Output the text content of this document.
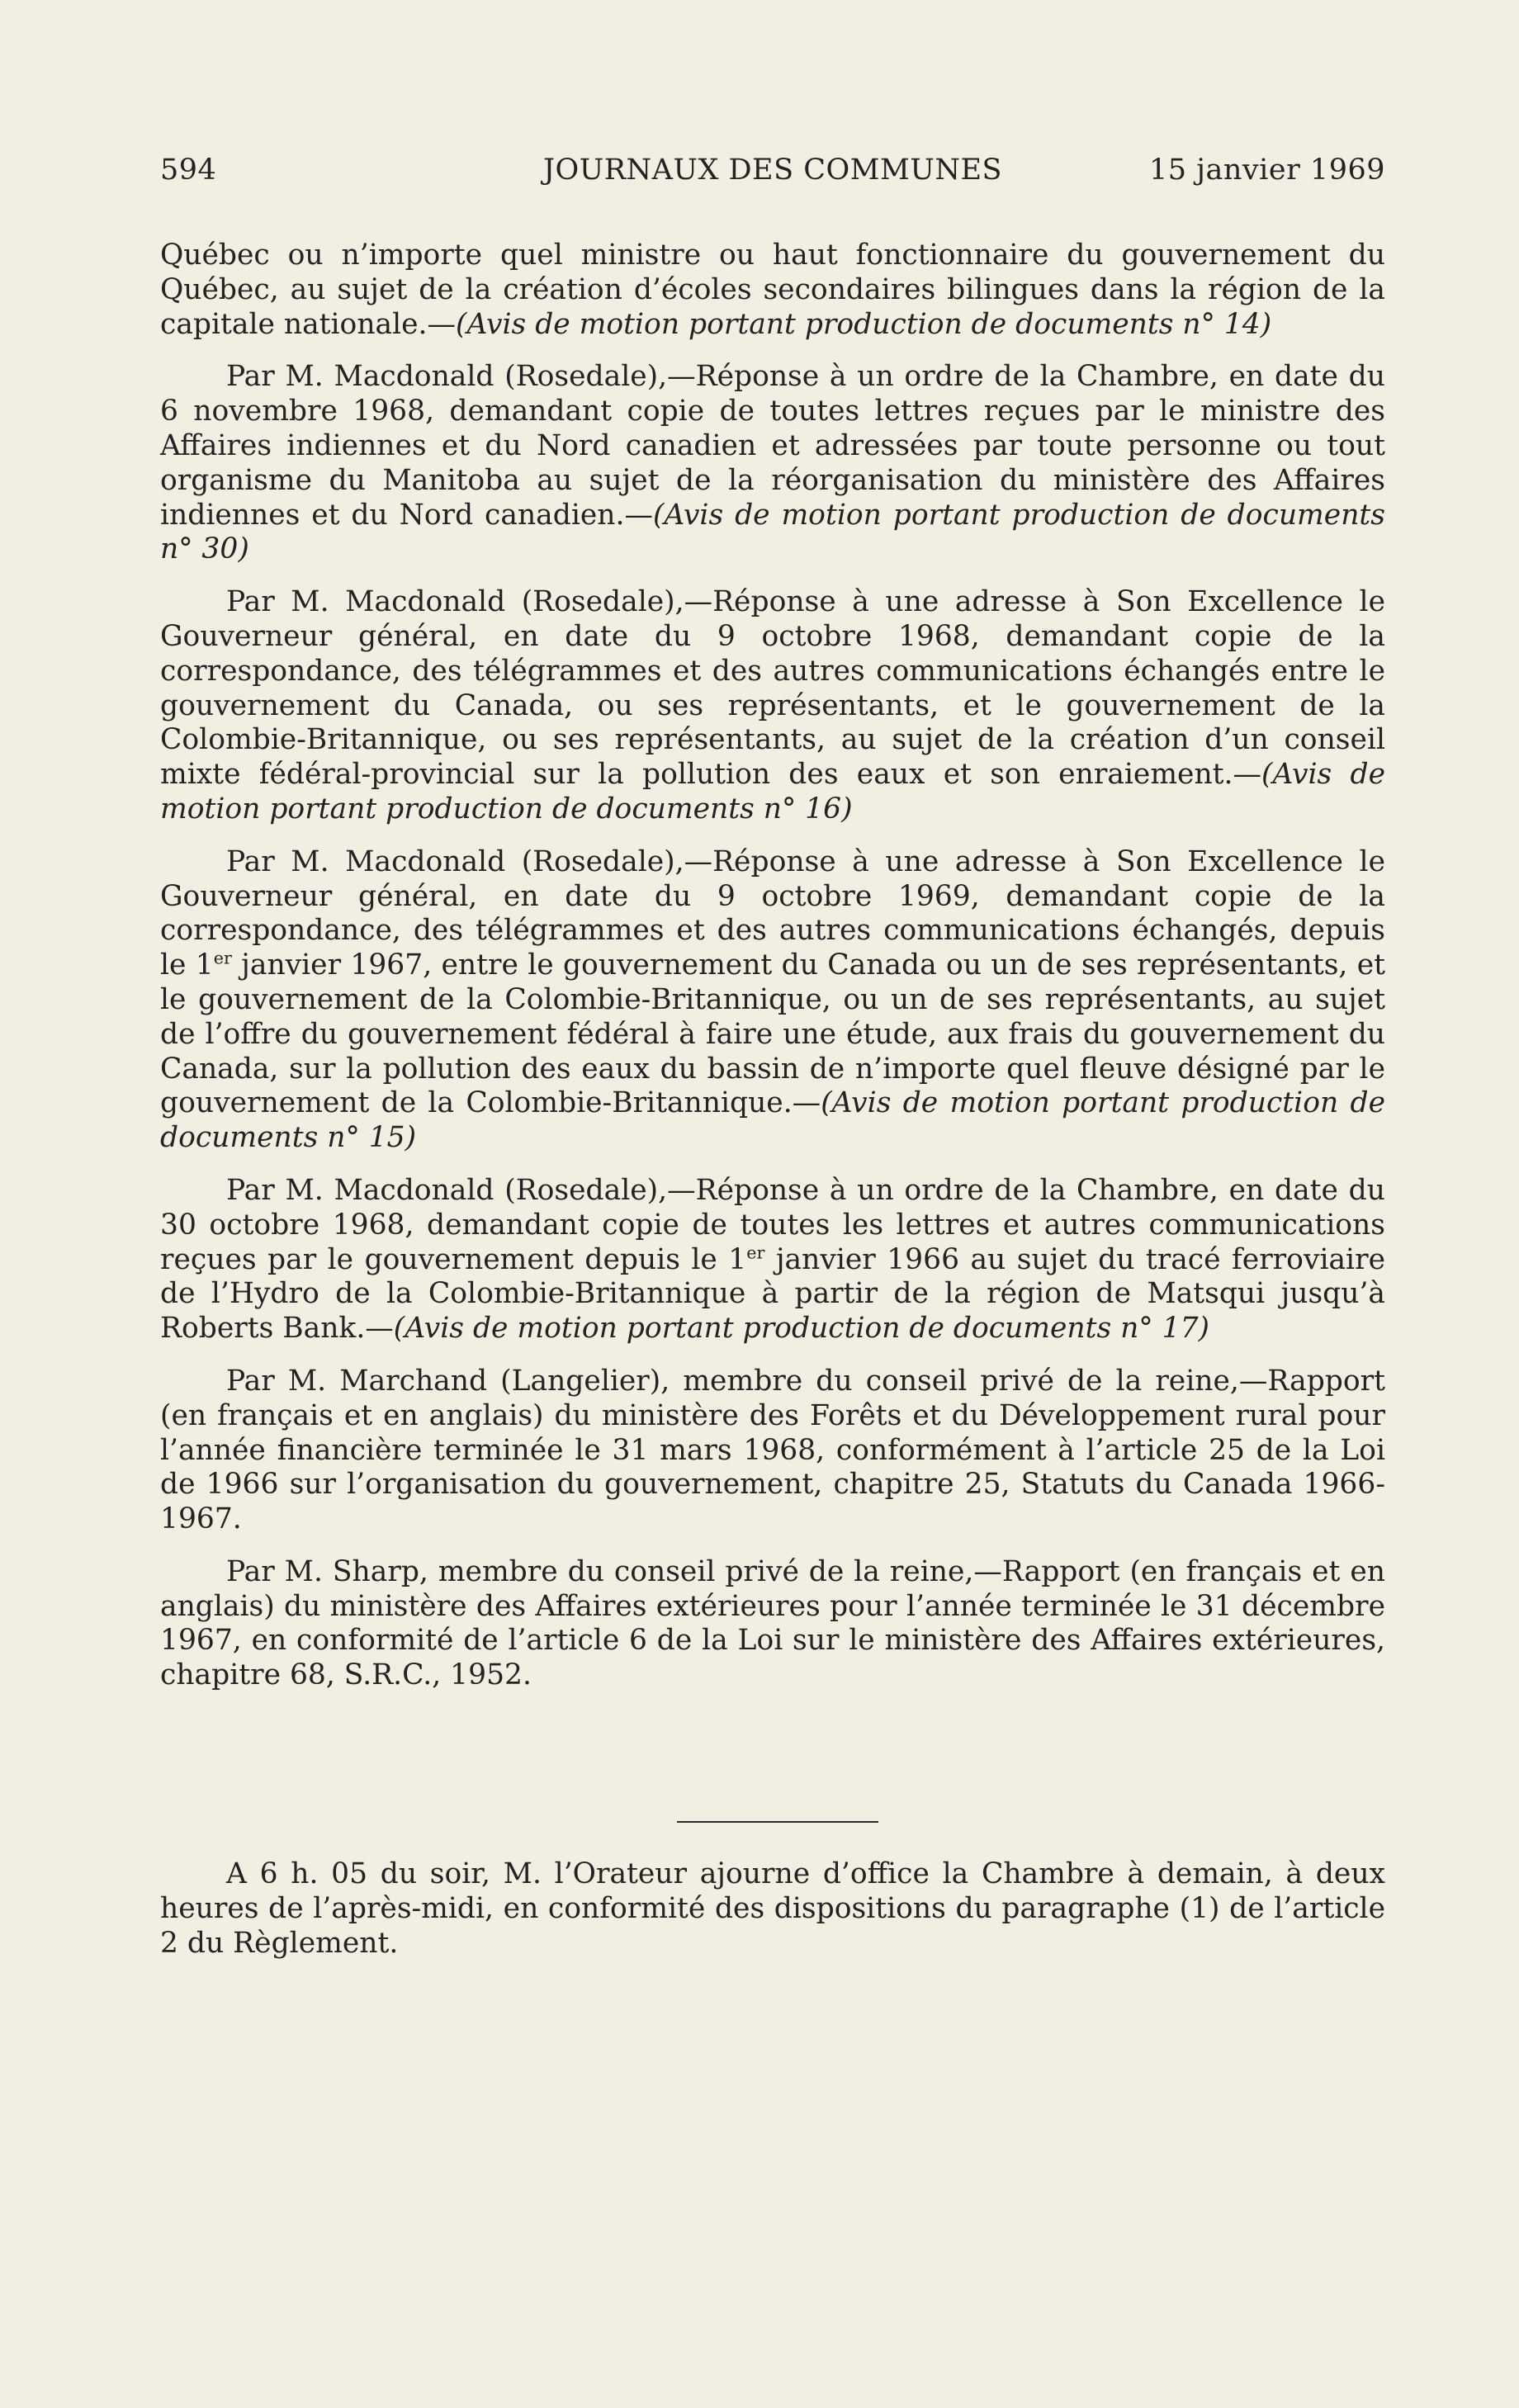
594	JOURNAUX DES COMMUNES	15 janvier 1969

Québec ou n’importe quel ministre ou haut fonctionnaire du gouvernement du Québec, au sujet de la création d’écoles secondaires bilingues dans la région de la capitale nationale.—(Avis de motion portant production de documents n° 14)

Par M. Macdonald (Rosedale),—Réponse à un ordre de la Chambre, en date du 6 novembre 1968, demandant copie de toutes lettres reçues par le ministre des Affaires indiennes et du Nord canadien et adressées par toute personne ou tout organisme du Manitoba au sujet de la réorganisation du ministère des Affaires indiennes et du Nord canadien.—(Avis de motion portant production de documents n° 30)

Par M. Macdonald (Rosedale),—Réponse à une adresse à Son Excellence le Gouverneur général, en date du 9 octobre 1968, demandant copie de la correspondance, des télégrammes et des autres communications échangés entre le gouvernement du Canada, ou ses représentants, et le gouvernement de la Colombie-Britannique, ou ses représentants, au sujet de la création d’un conseil mixte fédéral-provincial sur la pollution des eaux et son enraiement.—(Avis de motion portant production de documents n° 16)

Par M. Macdonald (Rosedale),—Réponse à une adresse à Son Excellence le Gouverneur général, en date du 9 octobre 1969, demandant copie de la correspondance, des télégrammes et des autres communications échangés, depuis le 1er janvier 1967, entre le gouvernement du Canada ou un de ses représentants, et le gouvernement de la Colombie-Britannique, ou un de ses représentants, au sujet de l’offre du gouvernement fédéral à faire une étude, aux frais du gouvernement du Canada, sur la pollution des eaux du bassin de n’importe quel fleuve désigné par le gouvernement de la Colombie-Britannique.—(Avis de motion portant production de documents n° 15)

Par M. Macdonald (Rosedale),—Réponse à un ordre de la Chambre, en date du 30 octobre 1968, demandant copie de toutes les lettres et autres communications reçues par le gouvernement depuis le 1er janvier 1966 au sujet du tracé ferroviaire de l’Hydro de la Colombie-Britannique à partir de la région de Matsqui jusqu’à Roberts Bank.—(Avis de motion portant production de documents n° 17)

Par M. Marchand (Langelier), membre du conseil privé de la reine,—Rapport (en français et en anglais) du ministère des Forêts et du Développement rural pour l’année financière terminée le 31 mars 1968, conformément à l’article 25 de la Loi de 1966 sur l’organisation du gouvernement, chapitre 25, Statuts du Canada 1966-1967.

Par M. Sharp, membre du conseil privé de la reine,—Rapport (en français et en anglais) du ministère des Affaires extérieures pour l’année terminée le 31 décembre 1967, en conformité de l’article 6 de la Loi sur le ministère des Affaires extérieures, chapitre 68, S.R.C., 1952.

A 6 h. 05 du soir, M. l’Orateur ajourne d’office la Chambre à demain, à deux heures de l’après-midi, en conformité des dispositions du paragraphe (1) de l’article 2 du Règlement.
